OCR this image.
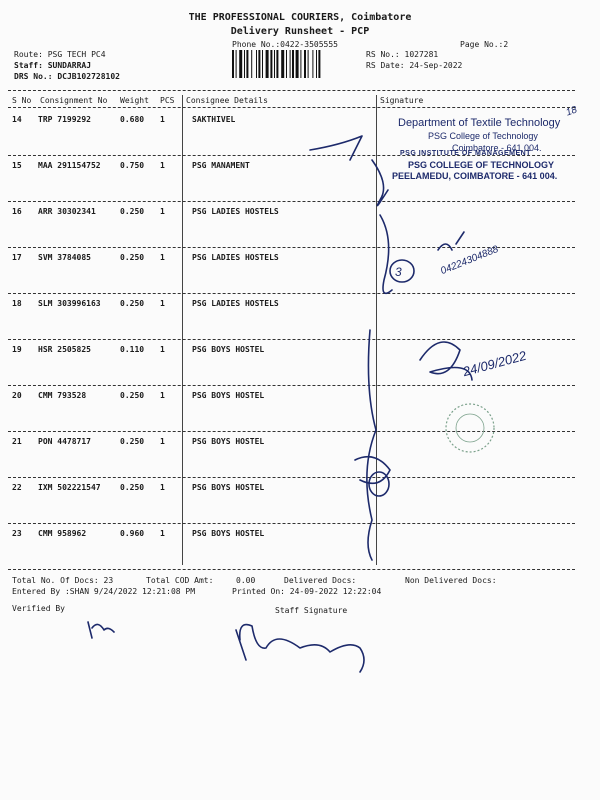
THE PROFESSIONAL COURIERS, Coimbatore
Delivery Runsheet - PCP
Phone No.:0422-3505555	Page No.:2
Route: PSG TECH PC4
Staff: SUNDARRAJ
DRS No.: DCJB102728102
RS No.: 1027281
RS Date: 24-Sep-2022
S No Consignment No Weight PCS Consignee Details	Signature
14 TRP 7199292	0.680 1	SAKTHIVEL
15 MAA 291154752 0.750 1	PSG MANAMENT
16 ARR 30302341	0.250 1	PSG LADIES HOSTELS
17 SVM 3784085	0.250 1	PSG LADIES HOSTELS
18 SLM 303996163 0.250 1	PSG LADIES HOSTELS
19 HSR 2505825	0.110 1	PSG BOYS HOSTEL
20 CMM 793528	0.250 1	PSG BOYS HOSTEL
21 PON 4478717	0.250 1	PSG BOYS HOSTEL
22 IXM 502221547 0.250 1	PSG BOYS HOSTEL
23 CMM 958962	0.960 1	PSG BOYS HOSTEL
Total No. Of Docs: 23	Total COD Amt:	0.00	Delivered Docs:	Non Delivered Docs:
Entered By :SHAN 9/24/2022 12:21:08 PM	Printed On: 24-09-2022 12:22:04
Verified By	Staff Signature
Department of Textile Technology
PSG College of Technology
Coimbatore - 641 004.
PSG INSTITUTE OF MANAGEMENT
PSG COLLEGE OF TECHNOLOGY
PEELAMEDU, COIMBATORE - 641 004.
18
04224304888
3
24/09/2022
